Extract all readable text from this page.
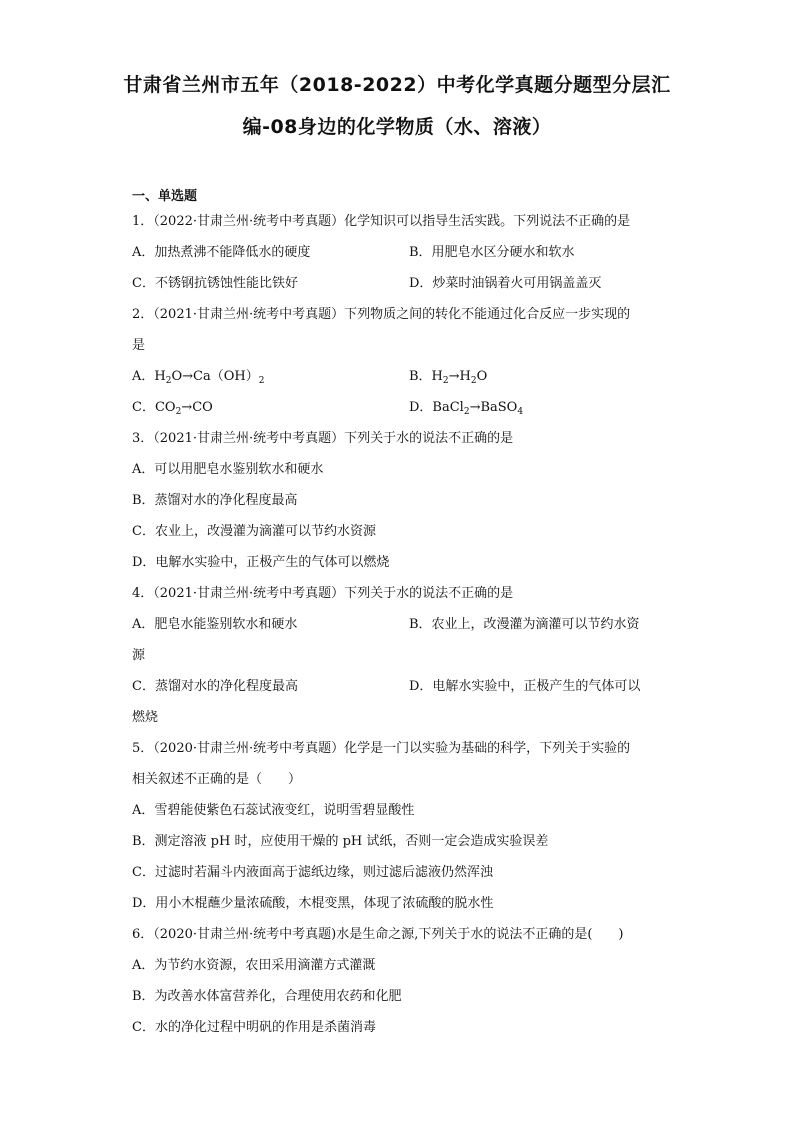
甘肃省兰州市五年（2018-2022）中考化学真题分题型分层汇
编-08身边的化学物质（水、溶液）
一、单选题
1．（2022·甘肃兰州·统考中考真题）化学知识可以指导生活实践。下列说法不正确的是
A．加热煮沸不能降低水的硬度	B．用肥皂水区分硬水和软水
C．不锈钢抗锈蚀性能比铁好	D．炒菜时油锅着火可用锅盖盖灭
2．（2021·甘肃兰州·统考中考真题）下列物质之间的转化不能通过化合反应一步实现的
是
A．$H_2O\to Ca(OH)_2$	B．$H_2\to H_2O$
C．$CO_2\to CO$	D．BaCl$_2$→BaSO$_4$
3．（2021·甘肃兰州·统考中考真题）下列关于水的说法不正确的是
A．可以用肥皂水鉴别软水和硬水
B．蒸馏对水的净化程度最高
C．农业上，改漫灌为滴灌可以节约水资源
D．电解水实验中，正极产生的气体可以燃烧
4．（2021·甘肃兰州·统考中考真题）下列关于水的说法不正确的是
A．肥皂水能鉴别软水和硬水	B．农业上，改漫灌为滴灌可以节约水资
源
C．蒸馏对水的净化程度最高	D．电解水实验中，正极产生的气体可以
燃烧
5．（2020·甘肃兰州·统考中考真题）化学是一门以实验为基础的科学，下列关于实验的
相关叙述不正确的是（　　）
A．雪碧能使紫色石蕊试液变红，说明雪碧显酸性
B．测定溶液 pH 时，应使用干燥的 pH 试纸，否则一定会造成实验误差
C．过滤时若漏斗内液面高于滤纸边缘，则过滤后滤液仍然浑浊
D．用小木棍蘸少量浓硫酸，木棍变黑，体现了浓硫酸的脱水性
6．（2020·甘肃兰州·统考中考真题)水是生命之源,下列关于水的说法不正确的是(　　)
A．为节约水资源，农田采用滴灌方式灌溉
B．为改善水体富营养化，合理使用农药和化肥
C．水的净化过程中明矾的作用是杀菌消毒
